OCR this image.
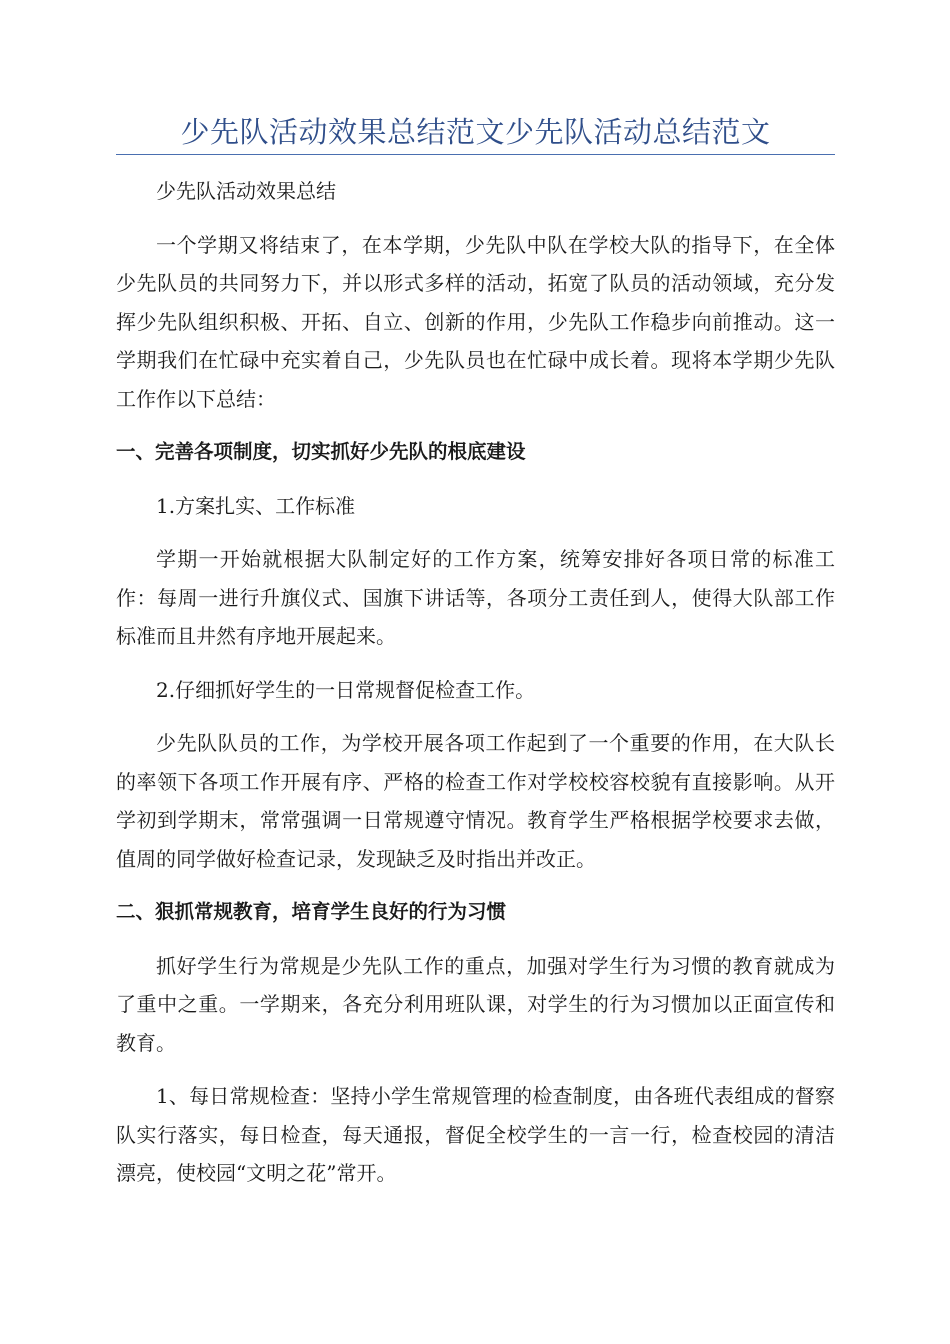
少先队活动效果总结范文少先队活动总结范文

少先队活动效果总结

一个学期又将结束了，在本学期，少先队中队在学校大队的指导下，在全体少先队员的共同努力下，并以形式多样的活动，拓宽了队员的活动领域，充分发挥少先队组织积极、开拓、自立、创新的作用，少先队工作稳步向前推动。这一学期我们在忙碌中充实着自己，少先队员也在忙碌中成长着。现将本学期少先队工作作以下总结：

一、完善各项制度，切实抓好少先队的根底建设

1.方案扎实、工作标准

学期一开始就根据大队制定好的工作方案，统筹安排好各项日常的标准工作：每周一进行升旗仪式、国旗下讲话等，各项分工责任到人，使得大队部工作标准而且井然有序地开展起来。

2.仔细抓好学生的一日常规督促检查工作。

少先队队员的工作，为学校开展各项工作起到了一个重要的作用，在大队长的率领下各项工作开展有序、严格的检查工作对学校校容校貌有直接影响。从开学初到学期末，常常强调一日常规遵守情况。教育学生严格根据学校要求去做，值周的同学做好检查记录，发现缺乏及时指出并改正。

二、狠抓常规教育，培育学生良好的行为习惯

抓好学生行为常规是少先队工作的重点，加强对学生行为习惯的教育就成为了重中之重。一学期来，各充分利用班队课，对学生的行为习惯加以正面宣传和教育。

1、每日常规检查：坚持小学生常规管理的检查制度，由各班代表组成的督察队实行落实，每日检查，每天通报，督促全校学生的一言一行，检查校园的清洁漂亮，使校园“文明之花”常开。
